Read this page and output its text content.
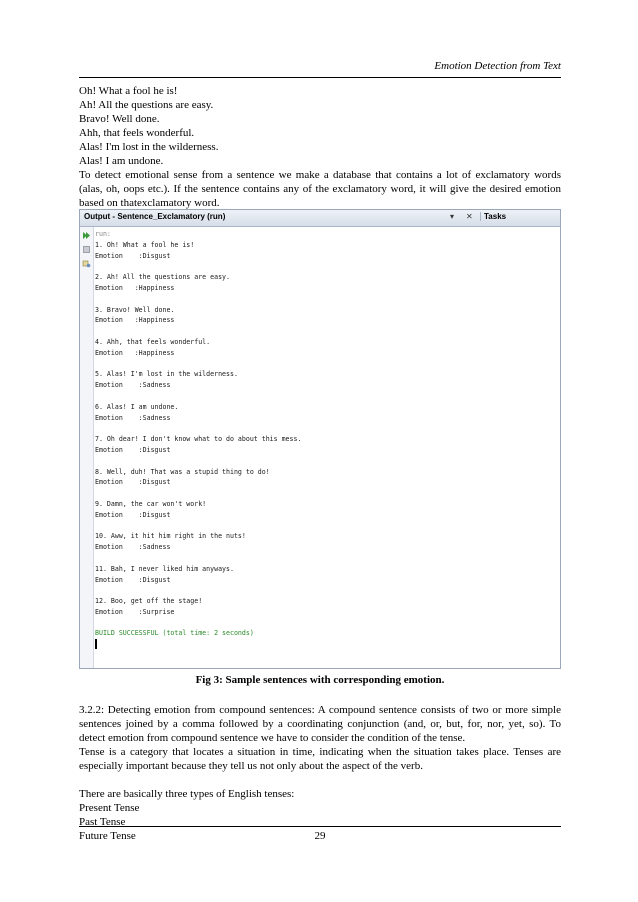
Emotion Detection from Text
Oh! What a fool he is!
Ah! All the questions are easy.
Bravo! Well done.
Ahh, that feels wonderful.
Alas! I'm lost in the wilderness.
Alas! I am undone.
To detect emotional sense from a sentence we make a database that contains a lot of exclamatory words (alas, oh, oops etc.). If the sentence contains any of the exclamatory word, it will give the desired emotion based on thatexclamatory word.
Output - Sentence_Exclamatory (run)	▾ ✕	Tasks
run:
1. Oh! What a fool he is!
Emotion    :Disgust

2. Ah! All the questions are easy.
Emotion   :Happiness

3. Bravo! Well done.
Emotion   :Happiness

4. Ahh, that feels wonderful.
Emotion   :Happiness

5. Alas! I'm lost in the wilderness.
Emotion    :Sadness

6. Alas! I am undone.
Emotion    :Sadness

7. Oh dear! I don't know what to do about this mess.
Emotion    :Disgust

8. Well, duh! That was a stupid thing to do!
Emotion    :Disgust

9. Damn, the car won't work!
Emotion    :Disgust

10. Aww, it hit him right in the nuts!
Emotion    :Sadness

11. Bah, I never liked him anyways.
Emotion    :Disgust

12. Boo, get off the stage!
Emotion    :Surprise

BUILD SUCCESSFUL (total time: 2 seconds)

Fig 3: Sample sentences with corresponding emotion.
3.2.2: Detecting emotion from compound sentences: A compound sentence consists of two or more simple sentences joined by a comma followed by a coordinating conjunction (and, or, but, for, nor, yet, so). To detect emotion from compound sentence we have to consider the condition of the tense.
Tense is a category that locates a situation in time, indicating when the situation takes place. Tenses are especially important because they tell us not only about the aspect of the verb.
There are basically three types of English tenses:
Present Tense
Past Tense
Future Tense	29
